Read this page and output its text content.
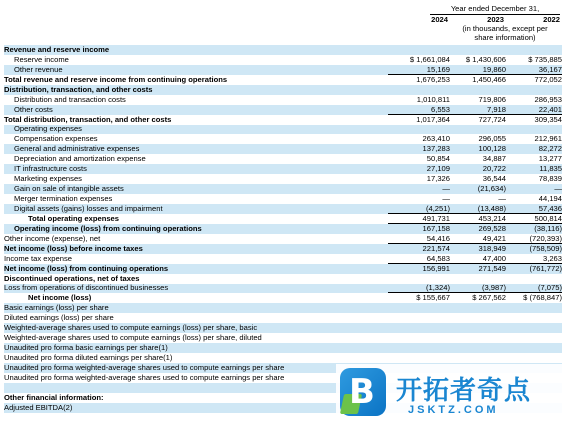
Year ended December 31,
2024	2023	2022
(in thousands, except per
share information)
Revenue and reserve income
Reserve income	$ 1,661,084	$ 1,430,606	$ 735,885
Other revenue	15,169	19,860	36,167
Total revenue and reserve income from continuing operations	1,676,253	1,450,466	772,052
Distribution, transaction, and other costs
Distribution and transaction costs	1,010,811	719,806	286,953
Other costs	6,553	7,918	22,401
Total distribution, transaction, and other costs	1,017,364	727,724	309,354
Operating expenses
Compensation expenses	263,410	296,055	212,961
General and administrative expenses	137,283	100,128	82,272
Depreciation and amortization expense	50,854	34,887	13,277
IT infrastructure costs	27,109	20,722	11,835
Marketing expenses	17,326	36,544	78,839
Gain on sale of intangible assets	—	(21,634)	—
Merger termination expenses	—	—	44,194
Digital assets (gains) losses and impairment	(4,251)	(13,488)	57,436
Total operating expenses	491,731	453,214	500,814
Operating income (loss) from continuing operations	167,158	269,528	(38,116)
Other income (expense), net	54,416	49,421	(720,393)
Net income (loss) before income taxes	221,574	318,949	(758,509)
Income tax expense	64,583	47,400	3,263
Net income (loss) from continuing operations	156,991	271,549	(761,772)
Discontinued operations, net of taxes
Loss from operations of discontinued businesses	(1,324)	(3,987)	(7,075)
Net income (loss)	$ 155,667	$ 267,562	$ (768,847)
Basic earnings (loss) per share
Diluted earnings (loss) per share
Weighted-average shares used to compute earnings (loss) per share, basic
Weighted-average shares used to compute earnings (loss) per share, diluted
Unaudited pro forma basic earnings per share(1)
Unaudited pro forma diluted earnings per share(1)
Unaudited pro forma weighted-average shares used to compute earnings per share
Unaudited pro forma weighted-average shares used to compute earnings per share
Other financial information:
Adjusted EBITDA(2)	B 开拓者奇点
JSKTZ.COM
